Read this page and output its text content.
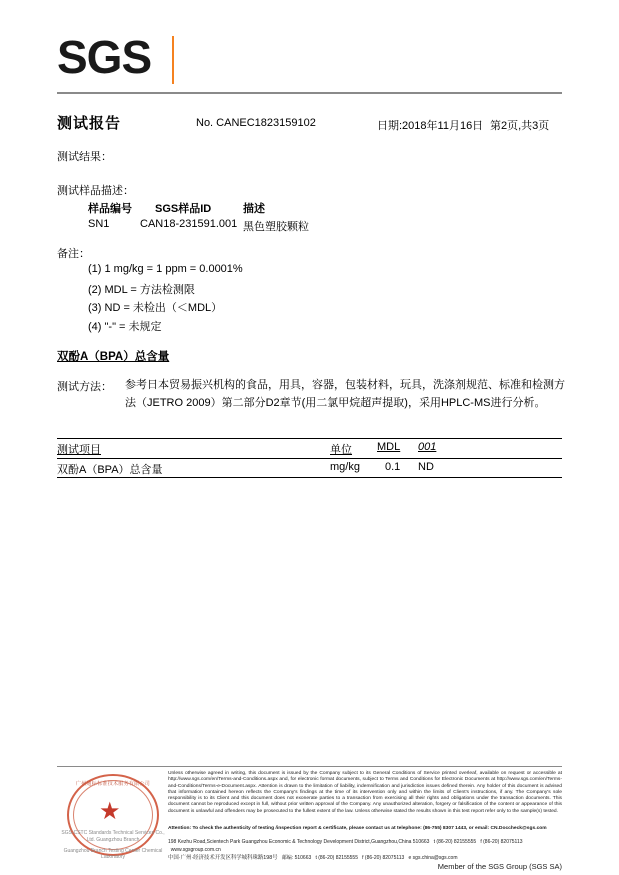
SGS
测试报告	No. CANEC1823159102	日期:2018年11月16日 第2页,共3页
测试结果：
测试样品描述：
样品编号 SGS样品ID	描述
SN1	CAN18-231591.001 黑色塑胶颗粒
备注：
(1) 1 mg/kg = 1 ppm = 0.0001%
(2) MDL = 方法检测限
(3) ND = 未检出（＜MDL）
(4) "-" = 未规定
双酚A（BPA）总含量
测试方法： 参考日本贸易振兴机构的食品，用具，容器，包装材料，玩具，洗涤剂规范、标准和检测方
法（JETRO 2009）第二部分D2章节(用二氯甲烷超声提取)，采用HPLC-MS进行分析。
测试项目	单位 MDL 001
双酚A（BPA）总含量	mg/kg 0.1 ND
★
广州通标标准技术服务有限公司
SGS-CSTC Standards Technical Services Co., Ltd. Guangzhou Branch
Guangzhou Branch Testing Center Chemical Laboratory
Unless otherwise agreed in writing, this document is issued by the Company subject to its General Conditions of Service printed overleaf, available on request or accessible at http://www.sgs.com/en/Terms-and-Conditions.aspx and, for electronic format documents, subject to Terms and Conditions for Electronic Documents at http://www.sgs.com/en/Terms-and-Conditions/Terms-e-Document.aspx. Attention is drawn to the limitation of liability, indemnification and jurisdiction issues defined therein. Any holder of this document is advised that information contained hereon reflects the Company's findings at the time of its intervention only and within the limits of Client's instructions, if any. The Company's sole responsibility is to its Client and this document does not exonerate parties to a transaction from exercising all their rights and obligations under the transaction documents. This document cannot be reproduced except in full, without prior written approval of the Company. Any unauthorized alteration, forgery or falsification of the content or appearance of this document is unlawful and offenders may be prosecuted to the fullest extent of the law. Unless otherwise stated the results shown in this test report refer only to the sample(s) tested.
Attention: To check the authenticity of testing /inspection report & certificate, please contact us at telephone: (86-755) 8307 1443, or email: CN.Doccheck@sgs.com
198 Kezhu Road,Scientech Park Guangzhou Economic & Technology Development District,Guangzhou,China 510663 t (86-20) 82155555 f (86-20) 82075113   www.sgsgroup.com.cn
中国·广州·经济技术开发区科学城科珠路198号 邮编: 510663 t (86-20) 82155555 f (86-20) 82075113 e sgs.china@sgs.com
Member of the SGS Group (SGS SA)
